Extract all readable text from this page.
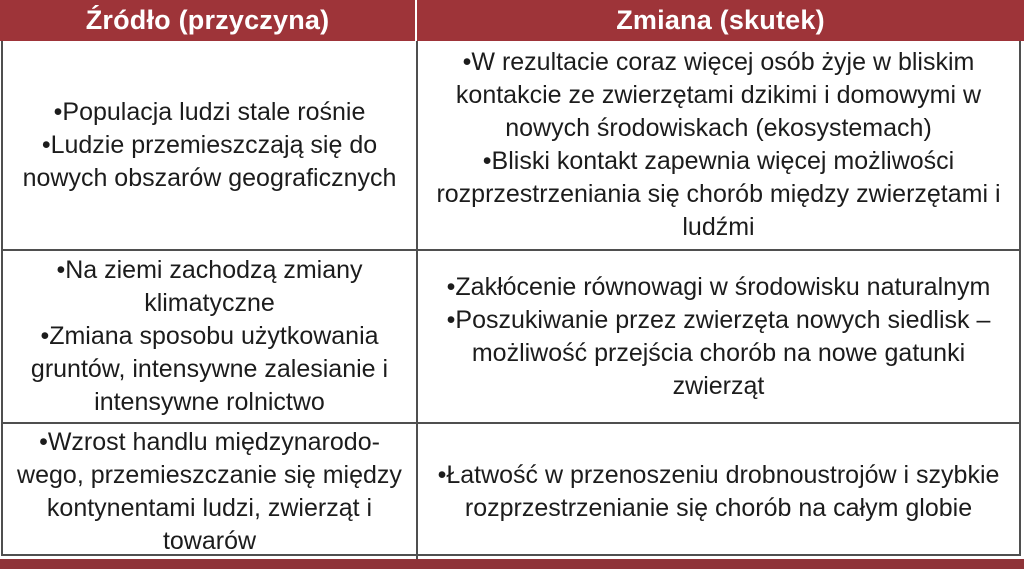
Źródło (przyczyna)	Zmiana (skutek)

• Populacja ludzi stale rośnie

• Ludzie przemieszczają się do nowych obszarów geograficznych

• W rezultacie coraz więcej osób żyje w bliskim kontakcie ze zwierzętami dzikimi i domowymi w nowych środowiskach (ekosystemach)

• Bliski kontakt zapewnia więcej możliwości rozprzestrzeniania się chorób między zwierzętami i ludźmi

• Na ziemi zachodzą zmiany klimatyczne

• Zmiana sposobu użytkowania gruntów, intensywne zalesianie i intensywne rolnictwo

• Zakłócenie równowagi w środowisku naturalnym

• Poszukiwanie przez zwierzęta nowych siedlisk – możliwość przejścia chorób na nowe gatunki zwierząt

• Wzrost handlu międzynarodowego, przemieszczanie się między kontynentami ludzi, zwierząt i towarów

• Łatwość w przenoszeniu drobnoustrojów i szybkie rozprzestrzenianie się chorób na całym globie
